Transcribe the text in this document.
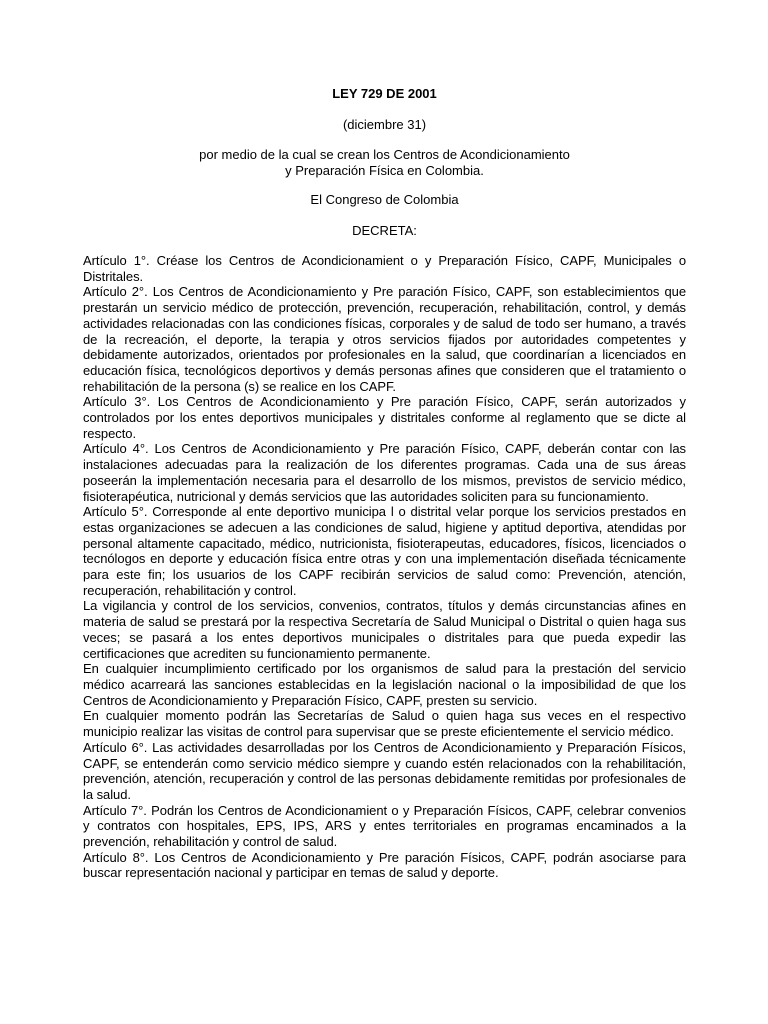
LEY 729 DE 2001

(diciembre 31)

por medio de la cual se crean los Centros de Acondicionamiento
y Preparación Física en Colombia.

El Congreso de Colombia

DECRETA:

Artículo 1°. Créase los Centros de Acondicionamient o y Preparación Físico, CAPF, Municipales o Distritales.

Artículo 2°. Los Centros de Acondicionamiento y Pre paración Físico, CAPF, son establecimientos que prestarán un servicio médico de protección, prevención, recuperación, rehabilitación, control, y demás actividades relacionadas con las condiciones físicas, corporales y de salud de todo ser humano, a través de la recreación, el deporte, la terapia y otros servicios fijados por autoridades competentes y debidamente autorizados, orientados por profesionales en la salud, que coordinarían a licenciados en educación física, tecnológicos deportivos y demás personas afines que consideren que el tratamiento o rehabilitación de la persona (s) se realice en los CAPF.

Artículo 3°. Los Centros de Acondicionamiento y Pre paración Físico, CAPF, serán autorizados y controlados por los entes deportivos municipales y distritales conforme al reglamento que se dicte al respecto.

Artículo 4°. Los Centros de Acondicionamiento y Pre paración Físico, CAPF, deberán contar con las instalaciones adecuadas para la realización de los diferentes programas. Cada una de sus áreas poseerán la implementación necesaria para el desarrollo de los mismos, previstos de servicio médico, fisioterapéutica, nutricional y demás servicios que las autoridades soliciten para su funcionamiento.

Artículo 5°. Corresponde al ente deportivo municipa l o distrital velar porque los servicios prestados en estas organizaciones se adecuen a las condiciones de salud, higiene y aptitud deportiva, atendidas por personal altamente capacitado, médico, nutricionista, fisioterapeutas, educadores, físicos, licenciados o tecnólogos en deporte y educación física entre otras y con una implementación diseñada técnicamente para este fin; los usuarios de los CAPF recibirán servicios de salud como: Prevención, atención, recuperación, rehabilitación y control.

La vigilancia y control de los servicios, convenios, contratos, títulos y demás circunstancias afines en materia de salud se prestará por la respectiva Secretaría de Salud Municipal o Distrital o quien haga sus veces; se pasará a los entes deportivos municipales o distritales para que pueda expedir las certificaciones que acrediten su funcionamiento permanente.

En cualquier incumplimiento certificado por los organismos de salud para la prestación del servicio médico acarreará las sanciones establecidas en la legislación nacional o la imposibilidad de que los Centros de Acondicionamiento y Preparación Físico, CAPF, presten su servicio.

En cualquier momento podrán las Secretarías de Salud o quien haga sus veces en el respectivo municipio realizar las visitas de control para supervisar que se preste eficientemente el servicio médico.

Artículo 6°. Las actividades desarrolladas por los Centros de Acondicionamiento y Preparación Físicos, CAPF, se entenderán como servicio médico siempre y cuando estén relacionados con la rehabilitación, prevención, atención, recuperación y control de las personas debidamente remitidas por profesionales de la salud.

Artículo 7°. Podrán los Centros de Acondicionamient o y Preparación Físicos, CAPF, celebrar convenios y contratos con hospitales, EPS, IPS, ARS y entes territoriales en programas encaminados a la prevención, rehabilitación y control de salud.

Artículo 8°. Los Centros de Acondicionamiento y Pre paración Físicos, CAPF, podrán asociarse para buscar representación nacional y participar en temas de salud y deporte.
